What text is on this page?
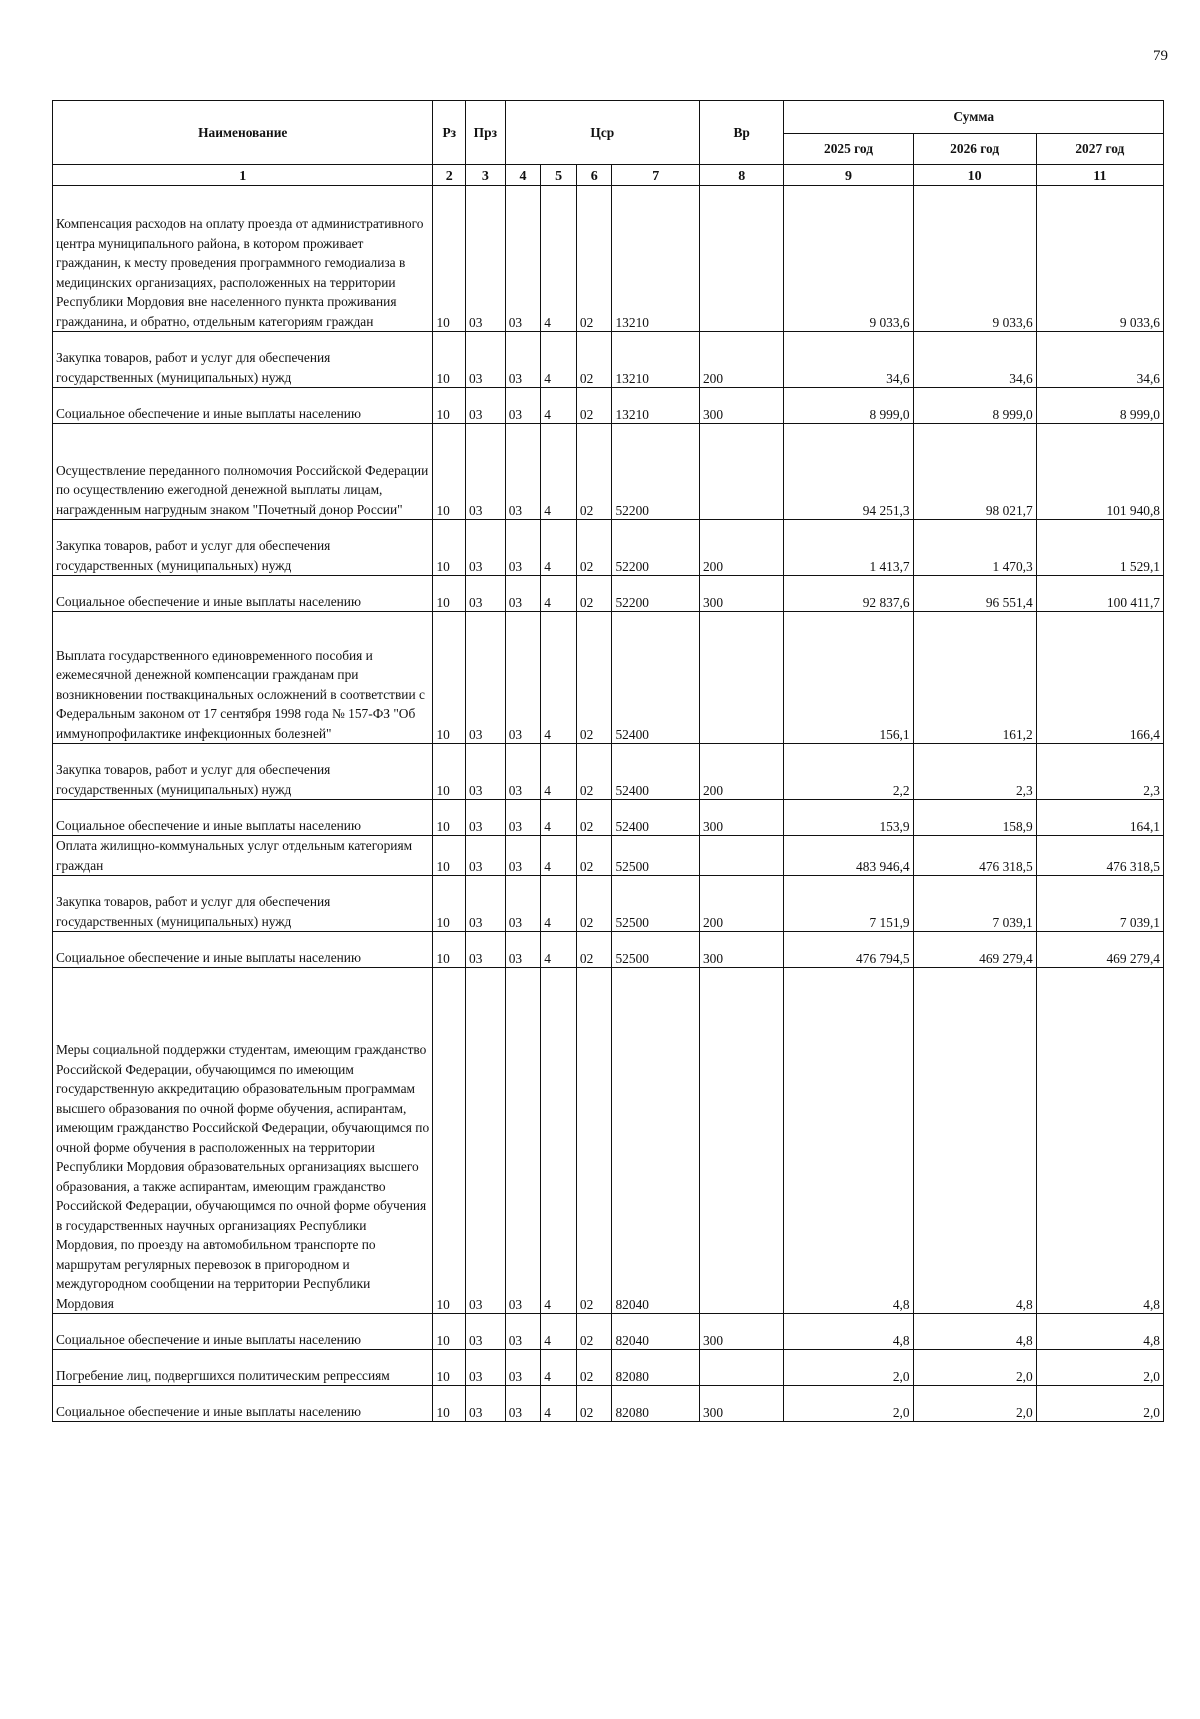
79
Наименование	Рз	Прз	Цср				Вр	Сумма		
								2025 год	2026 год	2027 год
1	2	3	4	5	6	7	8	9	10	11
Компенсация расходов на оплату проезда от административного центра муниципального района, в котором проживает гражданин, к месту проведения программного гемодиализа в медицинских организациях, расположенных на территории Республики Мордовия вне населенного пункта проживания гражданина, и обратно, отдельным категориям граждан	10	03	03	4	02	13210		9 033,6	9 033,6	9 033,6
Закупка товаров, работ и услуг для обеспечения государственных (муниципальных) нужд	10	03	03	4	02	13210	200	34,6	34,6	34,6
Социальное обеспечение и иные выплаты населению	10	03	03	4	02	13210	300	8 999,0	8 999,0	8 999,0
Осуществление переданного полномочия Российской Федерации по осуществлению ежегодной денежной выплаты лицам, награжденным нагрудным знаком "Почетный донор России"	10	03	03	4	02	52200		94 251,3	98 021,7	101 940,8
Закупка товаров, работ и услуг для обеспечения государственных (муниципальных) нужд	10	03	03	4	02	52200	200	1 413,7	1 470,3	1 529,1
Социальное обеспечение и иные выплаты населению	10	03	03	4	02	52200	300	92 837,6	96 551,4	100 411,7
Выплата государственного единовременного пособия и ежемесячной денежной компенсации гражданам при возникновении поствакцинальных осложнений в соответствии с Федеральным законом от 17 сентября 1998 года № 157-ФЗ "Об иммунопрофилактике инфекционных болезней"	10	03	03	4	02	52400		156,1	161,2	166,4
Закупка товаров, работ и услуг для обеспечения государственных (муниципальных) нужд	10	03	03	4	02	52400	200	2,2	2,3	2,3
Социальное обеспечение и иные выплаты населению	10	03	03	4	02	52400	300	153,9	158,9	164,1
Оплата жилищно-коммунальных услуг отдельным категориям граждан	10	03	03	4	02	52500		483 946,4	476 318,5	476 318,5
Закупка товаров, работ и услуг для обеспечения государственных (муниципальных) нужд	10	03	03	4	02	52500	200	7 151,9	7 039,1	7 039,1
Социальное обеспечение и иные выплаты населению	10	03	03	4	02	52500	300	476 794,5	469 279,4	469 279,4
Меры социальной поддержки студентам, имеющим гражданство Российской Федерации, обучающимся по имеющим государственную аккредитацию образовательным программам высшего образования по очной форме обучения, аспирантам, имеющим гражданство Российской Федерации, обучающимся по очной форме обучения в расположенных на территории Республики Мордовия образовательных организациях высшего образования, а также аспирантам, имеющим гражданство Российской Федерации, обучающимся по очной форме обучения в государственных научных организациях Республики Мордовия, по проезду на автомобильном транспорте по маршрутам регулярных перевозок в пригородном и междугородном сообщении на территории Республики Мордовия	10	03	03	4	02	82040		4,8	4,8	4,8
Социальное обеспечение и иные выплаты населению	10	03	03	4	02	82040	300	4,8	4,8	4,8
Погребение лиц, подвергшихся политическим репрессиям	10	03	03	4	02	82080		2,0	2,0	2,0
Социальное обеспечение и иные выплаты населению	10	03	03	4	02	82080	300	2,0	2,0	2,0
